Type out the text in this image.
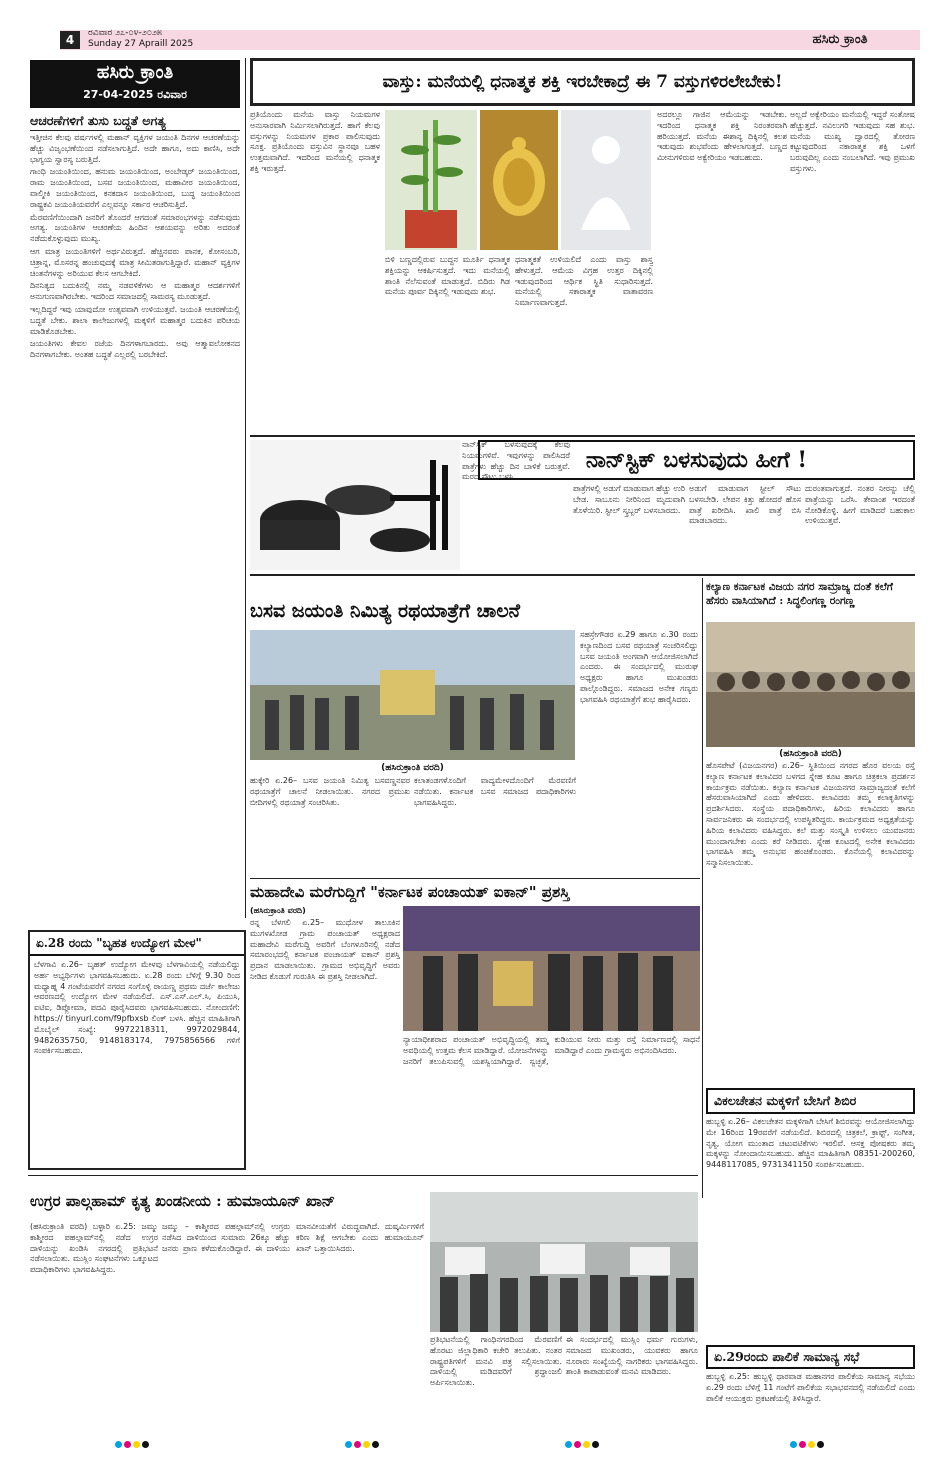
4	ರವಿವಾರ ೨೭-೦೪-೨೦೨೫
Sunday 27 Apraill 2025	ಹಸಿರು ಕ್ರಾಂತಿ
ಹಸಿರು ಕ್ರಾಂತಿ
27-04-2025 ರವಿವಾರ
ಆಚರಣೆಗಳಿಗೆ ತುಸು ಬದ್ಧತೆ ಅಗತ್ಯ

ಇತ್ತೀಚಿನ ಕೆಲವು ವರ್ಷಗಳಲ್ಲಿ ಮಹಾನ್ ವ್ಯಕ್ತಿಗಳ ಜಯಂತಿ ದಿನಗಳ ಆಚರಣೆಯನ್ನು ಹೆಚ್ಚು ವಿಜೃಂಭಣೆಯಿಂದ ನಡೆಸಲಾಗುತ್ತಿದೆ. ಅದೇ ಹಾಗೂ, ಅದು ಕಾಣಿಸಿ, ಅದೇ ಭಾಗ್ಯಯ ಸ್ವಾರಸ್ಯ ಬರುತ್ತಿದೆ.

ಗಾಂಧಿ ಜಯಂತಿಯಿಂದ, ಹನುಮ ಜಯಂತಿಯಿಂದ, ಅಂಬೇಡ್ಕರ್ ಜಯಂತಿಯಿಂದ, ರಾಮ ಜಯಂತಿಯಿಂದ, ಬಸವ ಜಯಂತಿಯಿಂದ, ಮಹಾವೀರ ಜಯಂತಿಯಿಂದ, ವಾಲ್ಮೀಕಿ ಜಯಂತಿಯಿಂದ, ಕನಕದಾಸ ಜಯಂತಿಯಿಂದ, ಬುದ್ಧ ಜಯಂತಿಯಿಂದ ರಾಷ್ಟ್ರಕವಿ ಜಯಂತಿಯವರೆಗೆ ಎಲ್ಲವನ್ನೂ ಸರ್ಕಾರ ಆಚರಿಸುತ್ತಿದೆ.

ಮೆರವಣಿಗೆಯಿಂದಾಗಿ ಜನರಿಗೆ ತೊಂದರೆ ಆಗದಂತೆ ಸಮಾರಂಭಗಳನ್ನು ನಡೆಸುವುದು ಅಗತ್ಯ. ಜಯಂತಿಗಳ ಆಚರಣೆಯ ಹಿಂದಿನ ಆಶಯವನ್ನು ಅರಿತು ಅದರಂತೆ ನಡೆದುಕೊಳ್ಳುವುದು ಮುಖ್ಯ.

ಆಗ ಮಾತ್ರ ಜಯಂತಿಗಳಿಗೆ ಅರ್ಥವಿರುತ್ತದೆ. ಹೆಚ್ಚಿನವರು ಪಾನಕ, ಕೋಸಂಬರಿ, ಚಿತ್ರಾನ್ನ, ಮೊಸರನ್ನ ಹಂಚುವುದಕ್ಕೆ ಮಾತ್ರ ಸೀಮಿತರಾಗುತ್ತಿದ್ದಾರೆ. ಮಹಾನ್ ವ್ಯಕ್ತಿಗಳ ಚಿಂತನೆಗಳನ್ನು ಅರಿಯುವ ಕೆಲಸ ಆಗಬೇಕಿದೆ.

ದಿನನಿತ್ಯದ ಬದುಕಿನಲ್ಲಿ ನಮ್ಮ ನಡವಳಿಕೆಗಳು ಆ ಮಹಾತ್ಮರ ಆದರ್ಶಗಳಿಗೆ ಅನುಗುಣವಾಗಿರಬೇಕು. ಇದರಿಂದ ಸಮಾಜದಲ್ಲಿ ಸಾಮರಸ್ಯ ಮೂಡುತ್ತದೆ.

ಇಲ್ಲದಿದ್ದರೆ ಇವು ಯಾವುದೋ ಉತ್ಸವವಾಗಿ ಉಳಿಯುತ್ತವೆ. ಜಯಂತಿ ಆಚರಣೆಯಲ್ಲಿ ಬದ್ಧತೆ ಬೇಕು. ಶಾಲಾ ಕಾಲೇಜುಗಳಲ್ಲಿ ಮಕ್ಕಳಿಗೆ ಮಹಾತ್ಮರ ಬದುಕಿನ ಪರಿಚಯ ಮಾಡಿಕೊಡಬೇಕು.

ಜಯಂತಿಗಳು ಕೇವಲ ರಜೆಯ ದಿನಗಳಾಗಬಾರದು. ಅವು ಆತ್ಮಾವಲೋಕನದ ದಿನಗಳಾಗಬೇಕು. ಅಂತಹ ಬದ್ಧತೆ ಎಲ್ಲರಲ್ಲಿ ಬರಬೇಕಿದೆ.

ವಾಸ್ತು: ಮನೆಯಲ್ಲಿ ಧನಾತ್ಮಕ ಶಕ್ತಿ ಇರಬೇಕಾದ್ರೆ ಈ 7 ವಸ್ತುಗಳಿರಲೇಬೇಕು!
ಪ್ರತಿಯೊಂದು ಮನೆಯ ವಾಸ್ತು ನಿಯಮಗಳ ಅನುಸಾರವಾಗಿ ನಿರ್ಮಿಸಲಾಗಿರುತ್ತದೆ. ಹಾಗೆ ಕೆಲವು ವಸ್ತುಗಳನ್ನು ನಿಯಮಗಳ ಪ್ರಕಾರ ಪಾಲಿಸುವುದು ಸೂಕ್ತ. ಪ್ರತಿಯೊಂದು ವಸ್ತುವಿನ ಸ್ಥಾನವೂ ಬಹಳ ಉತ್ತಮವಾಗಿದೆ. ಇದರಿಂದ ಮನೆಯಲ್ಲಿ ಧನಾತ್ಮಕ ಶಕ್ತಿ ಇರುತ್ತದೆ.
ಬಿಳಿ ಬಣ್ಣದಲ್ಲಿರುವ ಬುದ್ಧನ ಮೂರ್ತಿ ಧನಾತ್ಮಕ ಶಕ್ತಿಯನ್ನು ಆಕರ್ಷಿಸುತ್ತದೆ. ಇದು ಮನೆಯಲ್ಲಿ ಶಾಂತಿ ನೆಲೆಸುವಂತೆ ಮಾಡುತ್ತದೆ. ಬಿದಿರು ಗಿಡ ಮನೆಯ ಪೂರ್ವ ದಿಕ್ಕಿನಲ್ಲಿ ಇಡುವುದು ಶುಭ.
ಧನಾತ್ಮಕತೆ ಉಳಿಯಲಿದೆ ಎಂದು ವಾಸ್ತು ಶಾಸ್ತ್ರ ಹೇಳುತ್ತದೆ. ಆಮೆಯ ವಿಗ್ರಹ ಉತ್ತರ ದಿಕ್ಕಿನಲ್ಲಿ ಇಡುವುದರಿಂದ ಆರ್ಥಿಕ ಸ್ಥಿತಿ ಸುಧಾರಿಸುತ್ತದೆ. ಮನೆಯಲ್ಲಿ ಸಕಾರಾತ್ಮಕ ವಾತಾವರಣ ನಿರ್ಮಾಣವಾಗುತ್ತದೆ.
ಅದರಲ್ಲೂ ಗಾಜಿನ ಆಮೆಯನ್ನು ಇಡಬೇಕು. ಇದರಿಂದ ಧನಾತ್ಮಕ ಶಕ್ತಿ ನಿರಂತರವಾಗಿ ಹರಿಯುತ್ತದೆ. ಮನೆಯ ಈಶಾನ್ಯ ದಿಕ್ಕಿನಲ್ಲಿ ಕಲಶ ಇಡುವುದು ಶುಭವೆಂದು ಹೇಳಲಾಗುತ್ತದೆ. ಬಣ್ಣದ ಮೀನುಗಳಿರುವ ಅಕ್ವೇರಿಯಂ ಇಡಬಹುದು.
ಅಲ್ಲದೆ ಅಕ್ವೇರಿಯಂ ಮನೆಯಲ್ಲಿ ಇದ್ದರೆ ಸಂತೋಷ ಹೆಚ್ಚುತ್ತದೆ. ನವಿಲುಗರಿ ಇಡುವುದು ಸಹ ಶುಭ. ಮನೆಯ ಮುಖ್ಯ ದ್ವಾರದಲ್ಲಿ ತೋರಣ ಕಟ್ಟುವುದರಿಂದ ನಕಾರಾತ್ಮಕ ಶಕ್ತಿ ಒಳಗೆ ಬರುವುದಿಲ್ಲ ಎಂದು ನಂಬಲಾಗಿದೆ. ಇವು ಪ್ರಮುಖ ವಸ್ತುಗಳು.
ನಾನ್‌ಸ್ಟಿಕ್ ಬಳಸುವುದಕ್ಕೆ ಕೆಲವು ನಿಯಮಗಳಿವೆ. ಇವುಗಳನ್ನು ಪಾಲಿಸಿದರೆ ಪಾತ್ರೆಗಳು ಹೆಚ್ಚು ದಿನ ಬಾಳಿಕೆ ಬರುತ್ತವೆ. ಮರದ ಸೌಟು ಬಳಸಿ.
ನಾನ್‌ಸ್ಟಿಕ್ ಬಳಸುವುದು ಹೀಗೆ !
ಪಾತ್ರೆಗಳಲ್ಲಿ ಅಡುಗೆ ಮಾಡುವಾಗ ಹೆಚ್ಚು ಉರಿ ಬೇಡ. ಸಾಬೂನು ನೀರಿನಿಂದ ಮೃದುವಾಗಿ ತೊಳೆಯಿರಿ. ಸ್ಟೀಲ್ ಸ್ಕ್ರಬ್ಬರ್ ಬಳಸಬಾರದು.
ಅಡುಗೆ ಮಾಡುವಾಗ ಸ್ಟೀಲ್ ಸೌಟು ಬಳಸಬೇಡಿ. ಲೇಪನ ಕಿತ್ತು ಹೋದರೆ ಹೊಸ ಪಾತ್ರೆ ಖರೀದಿಸಿ. ಖಾಲಿ ಪಾತ್ರೆ ಬಿಸಿ ಮಾಡಬಾರದು.
ದುರಂತವಾಗುತ್ತದೆ. ನಂತರ ನೀರನ್ನು ಚೆಲ್ಲಿ ಪಾತ್ರೆಯನ್ನು ಒರೆಸಿ. ತೇವಾಂಶ ಇರದಂತೆ ನೋಡಿಕೊಳ್ಳಿ. ಹೀಗೆ ಮಾಡಿದರೆ ಬಹುಕಾಲ ಉಳಿಯುತ್ತವೆ.
ಬಸವ ಜಯಂತಿ ನಿಮಿತ್ಯ ರಥಯಾತ್ರೆಗೆ ಚಾಲನೆ
ಸಹಸ್ರೇಗೌಡರ ಏ.29 ಹಾಗೂ ಏ.30 ರಂದು ಕಲ್ಯಾಣದಿಂದ ಬಸವ ರಥಯಾತ್ರೆ ಸಂಚರಿಸಲಿದ್ದು ಬಸವ ಜಯಂತಿ ಅಂಗವಾಗಿ ಆಯೋಜಿಸಲಾಗಿದೆ ಎಂದರು. ಈ ಸಂದರ್ಭದಲ್ಲಿ ಮುರುಘ ಅಧ್ಯಕ್ಷರು ಹಾಗೂ ಮುಖಂಡರು ಪಾಲ್ಗೊಂಡಿದ್ದರು. ಸಮಾಜದ ಅನೇಕ ಗಣ್ಯರು ಭಾಗವಹಿಸಿ ರಥಯಾತ್ರೆಗೆ ಶುಭ ಹಾರೈಸಿದರು.
(ಹಸಿರುಕ್ರಾಂತಿ ವರದಿ)
ಹುಕ್ಕೇರಿ ಏ.26– ಬಸವ ಜಯಂತಿ ನಿಮಿತ್ಯ ಬಸವಣ್ಣನವರ ರಥಯಾತ್ರೆಗೆ ಚಾಲನೆ ನೀಡಲಾಯಿತು. ನಗರದ ಪ್ರಮುಖ ಬೀದಿಗಳಲ್ಲಿ ರಥಯಾತ್ರೆ ಸಂಚರಿಸಿತು.
ಕಲಾತಂಡಗಳೊಂದಿಗೆ ವಾದ್ಯಮೇಳದೊಂದಿಗೆ ಮೆರವಣಿಗೆ ನಡೆಯಿತು. ಕರ್ನಾಟಕ ಬಸವ ಸಮಾಜದ ಪದಾಧಿಕಾರಿಗಳು ಭಾಗವಹಿಸಿದ್ದರು.
ಕಲ್ಯಾಣ ಕರ್ನಾಟಕ ವಿಜಯ ನಗರ ಸಾಮ್ರಾಜ್ಯ ದಂತೆ ಕಲೆಗೆ ಹೆಸರು ವಾಸಿಯಾಗಿದೆ : ಸಿದ್ಧಲಿಂಗಣ್ಣ ರಂಗಣ್ಣ
(ಹಸಿರುಕ್ರಾಂತಿ ವರದಿ)
ಹೊಸಪೇಟೆ (ವಿಜಯನಗರ) ಏ.26– ಸ್ಥಿತಿಯಿಂದ ನಗರದ ಹೊರ ವಲಯ ರಸ್ತೆ ಕಲ್ಯಾಣ ಕರ್ನಾಟಕ ಕಲಾವಿದರ ಬಳಗದ ಸ್ನೇಹ ಕೂಟ ಹಾಗೂ ಚಿತ್ರಕಲಾ ಪ್ರದರ್ಶನ ಕಾರ್ಯಕ್ರಮ ನಡೆಯಿತು. ಕಲ್ಯಾಣ ಕರ್ನಾಟಕ ವಿಜಯನಗರ ಸಾಮ್ರಾಜ್ಯದಂತೆ ಕಲೆಗೆ ಹೆಸರುವಾಸಿಯಾಗಿದೆ ಎಂದು ಹೇಳಿದರು. ಕಲಾವಿದರು ತಮ್ಮ ಕಲಾಕೃತಿಗಳನ್ನು ಪ್ರದರ್ಶಿಸಿದರು. ಸಂಸ್ಥೆಯ ಪದಾಧಿಕಾರಿಗಳು, ಹಿರಿಯ ಕಲಾವಿದರು ಹಾಗೂ ಸಾರ್ವಜನಿಕರು ಈ ಸಂದರ್ಭದಲ್ಲಿ ಉಪಸ್ಥಿತರಿದ್ದರು. ಕಾರ್ಯಕ್ರಮದ ಅಧ್ಯಕ್ಷತೆಯನ್ನು ಹಿರಿಯ ಕಲಾವಿದರು ವಹಿಸಿದ್ದರು. ಕಲೆ ಮತ್ತು ಸಂಸ್ಕೃತಿ ಉಳಿಸಲು ಯುವಜನರು ಮುಂದಾಗಬೇಕು ಎಂದು ಕರೆ ನೀಡಿದರು. ಸ್ನೇಹ ಕೂಟದಲ್ಲಿ ಅನೇಕ ಕಲಾವಿದರು ಭಾಗವಹಿಸಿ ತಮ್ಮ ಅನುಭವ ಹಂಚಿಕೊಂಡರು. ಕೊನೆಯಲ್ಲಿ ಕಲಾವಿದರನ್ನು ಸನ್ಮಾನಿಸಲಾಯಿತು.
ಮಹಾದೇವಿ ಮರೆಗುದ್ದಿಗೆ "ಕರ್ನಾಟಕ ಪಂಚಾಯತ್ ಐಕಾನ್" ಪ್ರಶಸ್ತಿ
(ಹಸಿರುಕ್ರಾಂತಿ ವರದಿ)
ರನ್ನ ಬೆಳಗಲಿ ಏ.25– ಮುಧೋಳ ತಾಲೂಕಿನ ಮುಗಳಖೋಡ ಗ್ರಾಮ ಪಂಚಾಯತ್ ಅಧ್ಯಕ್ಷರಾದ ಮಹಾದೇವಿ ಮರೆಗುದ್ದಿ ಅವರಿಗೆ ಬೆಂಗಳೂರಿನಲ್ಲಿ ನಡೆದ ಸಮಾರಂಭದಲ್ಲಿ ಕರ್ನಾಟಕ ಪಂಚಾಯತ್ ಐಕಾನ್ ಪ್ರಶಸ್ತಿ ಪ್ರದಾನ ಮಾಡಲಾಯಿತು. ಗ್ರಾಮದ ಅಭಿವೃದ್ಧಿಗೆ ಅವರು ನೀಡಿದ ಕೊಡುಗೆ ಗುರುತಿಸಿ ಈ ಪ್ರಶಸ್ತಿ ನೀಡಲಾಗಿದೆ.
ನ್ಯಾಯಾಧೀಶರಾದ ಪಂಚಾಯತ್ ಅಭಿವೃದ್ಧಿಯಲ್ಲಿ ತಮ್ಮ ಅವಧಿಯಲ್ಲಿ ಉತ್ತಮ ಕೆಲಸ ಮಾಡಿದ್ದಾರೆ. ಯೋಜನೆಗಳನ್ನು ಜನರಿಗೆ ತಲುಪಿಸುವಲ್ಲಿ ಯಶಸ್ವಿಯಾಗಿದ್ದಾರೆ. ಸ್ವಚ್ಛತೆ, ಕುಡಿಯುವ ನೀರು ಮತ್ತು ರಸ್ತೆ ನಿರ್ಮಾಣದಲ್ಲಿ ಸಾಧನೆ ಮಾಡಿದ್ದಾರೆ ಎಂದು ಗ್ರಾಮಸ್ಥರು ಅಭಿನಂದಿಸಿದರು.
ಏ.28 ರಂದು "ಬೃಹತ ಉದ್ಯೋಗ ಮೇಳ"
ಬೆಳಗಾವಿ ಏ.26– ಬೃಹತ್ ಉದ್ಯೋಗ ಮೇಳವು ಬೆಳಗಾವಿಯಲ್ಲಿ ನಡೆಯಲಿದ್ದು ಅರ್ಹ ಅಭ್ಯರ್ಥಿಗಳು ಭಾಗವಹಿಸಬಹುದು. ಏ.28 ರಂದು ಬೆಳಿಗ್ಗೆ 9.30 ರಿಂದ ಮಧ್ಯಾಹ್ನ 4 ಗಂಟೆಯವರೆಗೆ ನಗರದ ಸಂಗೊಳ್ಳಿ ರಾಯಣ್ಣ ಪ್ರಥಮ ದರ್ಜೆ ಕಾಲೇಜು ಆವರಣದಲ್ಲಿ ಉದ್ಯೋಗ ಮೇಳ ನಡೆಯಲಿದೆ. ಎಸ್.ಎಸ್.ಎಲ್.ಸಿ, ಪಿಯುಸಿ, ಐಟಿಐ, ಡಿಪ್ಲೋಮಾ, ಪದವಿ ಪೂರೈಸಿದವರು ಭಾಗವಹಿಸಬಹುದು. ನೋಂದಣಿಗೆ: https:// tinyurl.com/f9pfbxsb ಲಿಂಕ್ ಬಳಸಿ. ಹೆಚ್ಚಿನ ಮಾಹಿತಿಗಾಗಿ ಮೊಬೈಲ್ ಸಂಖ್ಯೆ: 9972218311, 9972029844, 9482635750, 9148183174, 7975856566 ಗಳಿಗೆ ಸಂಪರ್ಕಿಸಬಹುದು.
ಉಗ್ರರ ಪಾಲ್ಗಹಾಮ್ ಕೃತ್ಯ ಖಂಡನೀಯ : ಹುಮಾಯೂನ್ ಖಾನ್
(ಹಸಿರುಕ್ರಾಂತಿ ವರದಿ) ಬಳ್ಳಾರಿ ಏ.25: ಜಮ್ಮು ಕಾಶ್ಮೀರದ ಪಹಲ್ಗಾಮ್‌ನಲ್ಲಿ ನಡೆದ ಉಗ್ರರ ದಾಳಿಯನ್ನು ಖಂಡಿಸಿ ನಗರದಲ್ಲಿ ಪ್ರತಿಭಟನೆ ನಡೆಸಲಾಯಿತು. ಮುಸ್ಲಿಂ ಸಂಘಟನೆಗಳು ಒಕ್ಕೂಟದ ಪದಾಧಿಕಾರಿಗಳು ಭಾಗವಹಿಸಿದ್ದರು.
ಜಮ್ಮು – ಕಾಶ್ಮೀರದ ಪಹಲ್ಗಾಮ್‌ನಲ್ಲಿ ಉಗ್ರರು ನಡೆಸಿದ ದಾಳಿಯಿಂದ ಸುಮಾರು 26ಕ್ಕೂ ಹೆಚ್ಚು ಜನರು ಪ್ರಾಣ ಕಳೆದುಕೊಂಡಿದ್ದಾರೆ. ಈ ದಾಳಿಯು ಮಾನವೀಯತೆಗೆ ವಿರುದ್ಧವಾಗಿದೆ. ದುಷ್ಕರ್ಮಿಗಳಿಗೆ ಕಠಿಣ ಶಿಕ್ಷೆ ಆಗಬೇಕು ಎಂದು ಹುಮಾಯೂನ್ ಖಾನ್ ಒತ್ತಾಯಿಸಿದರು.
ಪ್ರತಿಭಟನೆಯಲ್ಲಿ ಗಾಂಧಿನಗರದಿಂದ ಮೆರವಣಿಗೆ ಹೊರಟು ಜಿಲ್ಲಾಧಿಕಾರಿ ಕಚೇರಿ ತಲುಪಿತು. ನಂತರ ರಾಷ್ಟ್ರಪತಿಗಳಿಗೆ ಮನವಿ ಪತ್ರ ಸಲ್ಲಿಸಲಾಯಿತು. ದಾಳಿಯಲ್ಲಿ ಮಡಿದವರಿಗೆ ಶ್ರದ್ಧಾಂಜಲಿ ಅರ್ಪಿಸಲಾಯಿತು.
ಈ ಸಂದರ್ಭದಲ್ಲಿ ಮುಸ್ಲಿಂ ಧರ್ಮ ಗುರುಗಳು, ಸಮಾಜದ ಮುಖಂಡರು, ಯುವಕರು ಹಾಗೂ ನೂರಾರು ಸಂಖ್ಯೆಯಲ್ಲಿ ನಾಗರಿಕರು ಭಾಗವಹಿಸಿದ್ದರು. ಶಾಂತಿ ಕಾಪಾಡುವಂತೆ ಮನವಿ ಮಾಡಿದರು.
ವಿಕಲಚೇತನ ಮಕ್ಕಳಿಗೆ ಬೇಸಿಗೆ ಶಿಬಿರ
ಹುಬ್ಬಳ್ಳಿ ಏ.26– ವಿಕಲಚೇತನ ಮಕ್ಕಳಿಗಾಗಿ ಬೇಸಿಗೆ ಶಿಬಿರವನ್ನು ಆಯೋಜಿಸಲಾಗಿದ್ದು ಮೇ 16ರಿಂದ 19ರವರೆಗೆ ನಡೆಯಲಿದೆ. ಶಿಬಿರದಲ್ಲಿ ಚಿತ್ರಕಲೆ, ಕ್ರಾಫ್ಟ್, ಸಂಗೀತ, ನೃತ್ಯ, ಯೋಗ ಮುಂತಾದ ಚಟುವಟಿಕೆಗಳು ಇರಲಿವೆ. ಆಸಕ್ತ ಪೋಷಕರು ತಮ್ಮ ಮಕ್ಕಳನ್ನು ನೋಂದಾಯಿಸಬಹುದು. ಹೆಚ್ಚಿನ ಮಾಹಿತಿಗಾಗಿ 08351-200260, 9448117085, 9731341150 ಸಂಪರ್ಕಿಸಬಹುದು.
ಏ.29ರಂದು ಪಾಲಿಕೆ ಸಾಮಾನ್ಯ ಸಭೆ
ಹುಬ್ಬಳ್ಳಿ ಏ.25: ಹುಬ್ಬಳ್ಳಿ ಧಾರವಾಡ ಮಹಾನಗರ ಪಾಲಿಕೆಯ ಸಾಮಾನ್ಯ ಸಭೆಯು ಏ.29 ರಂದು ಬೆಳಿಗ್ಗೆ 11 ಗಂಟೆಗೆ ಪಾಲಿಕೆಯ ಸಭಾಭವನದಲ್ಲಿ ನಡೆಯಲಿದೆ ಎಂದು ಪಾಲಿಕೆ ಆಯುಕ್ತರು ಪ್ರಕಟಣೆಯಲ್ಲಿ ತಿಳಿಸಿದ್ದಾರೆ.
